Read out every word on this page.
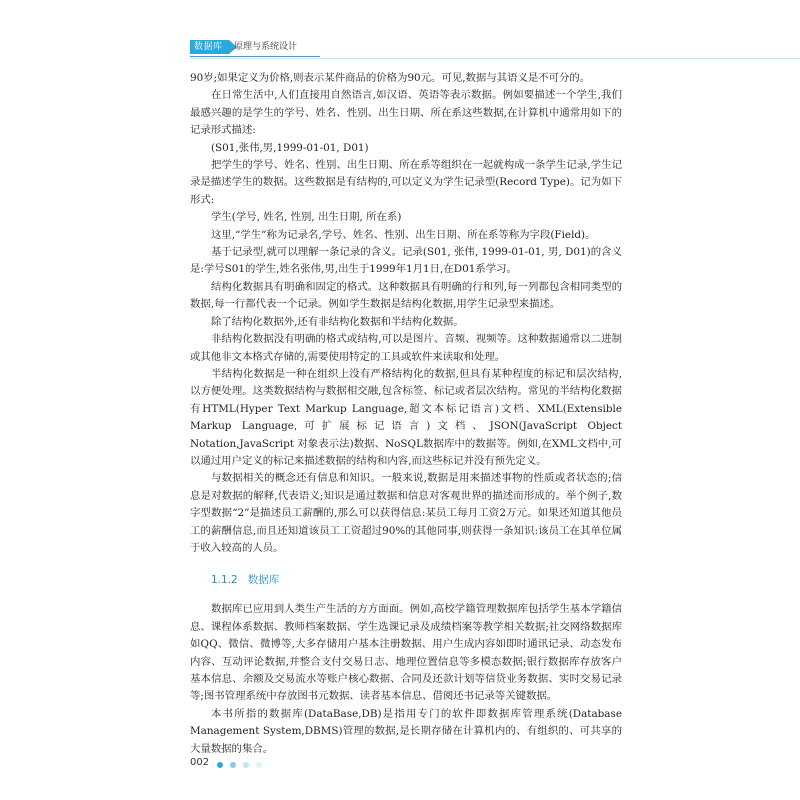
数据库	原理与系统设计

90岁;如果定义为价格,则表示某件商品的价格为90元。可见,数据与其语义是不可分的。

在日常生活中,人们直接用自然语言,如汉语、英语等表示数据。例如要描述一个学生,我们最感兴趣的是学生的学号、姓名、性别、出生日期、所在系这些数据,在计算机中通常用如下的记录形式描述:

(S01,张伟,男,1999-01-01, D01)

把学生的学号、姓名、性别、出生日期、所在系等组织在一起就构成一条学生记录,学生记录是描述学生的数据。这些数据是有结构的,可以定义为学生记录型(Record Type)。记为如下形式:

学生(学号, 姓名, 性别, 出生日期, 所在系)

这里,“学生”称为记录名,学号、姓名、性别、出生日期、所在系等称为字段(Field)。

基于记录型,就可以理解一条记录的含义。记录(S01, 张伟, 1999-01-01, 男, D01)的含义是:学号S01的学生,姓名张伟,男,出生于1999年1月1日,在D01系学习。

结构化数据具有明确和固定的格式。这种数据具有明确的行和列,每一列都包含相同类型的数据,每一行都代表一个记录。例如学生数据是结构化数据,用学生记录型来描述。

除了结构化数据外,还有非结构化数据和半结构化数据。

非结构化数据没有明确的格式或结构,可以是图片、音频、视频等。这种数据通常以二进制或其他非文本格式存储的,需要使用特定的工具或软件来读取和处理。

半结构化数据是一种在组织上没有严格结构化的数据,但具有某种程度的标记和层次结构,以方便处理。这类数据结构与数据相交融,包含标签、标记或者层次结构。常见的半结构化数据有HTML(Hyper Text Markup Language,超文本标记语言)文档、XML(Extensible Markup Language,可扩展标记语言)文档、JSON(JavaScript Object Notation,JavaScript 对象表示法)数据、NoSQL数据库中的数据等。例如,在XML文档中,可以通过用户定义的标记来描述数据的结构和内容,而这些标记并没有预先定义。

与数据相关的概念还有信息和知识。一般来说,数据是用来描述事物的性质或者状态的;信息是对数据的解释,代表语义;知识是通过数据和信息对客观世界的描述而形成的。举个例子,数字型数据“2”是描述员工薪酬的,那么可以获得信息:某员工每月工资2万元。如果还知道其他员工的薪酬信息,而且还知道该员工工资超过90%的其他同事,则获得一条知识:该员工在其单位属于收入较高的人员。

1.1.2 数据库

数据库已应用到人类生产生活的方方面面。例如,高校学籍管理数据库包括学生基本学籍信息、课程体系数据、教师档案数据、学生选课记录及成绩档案等教学相关数据;社交网络数据库如QQ、微信、微博等,大多存储用户基本注册数据、用户生成内容如即时通讯记录、动态发布内容、互动评论数据,并整合支付交易日志、地理位置信息等多模态数据;银行数据库存放客户基本信息、余额及交易流水等账户核心数据、合同及还款计划等信贷业务数据、实时交易记录等;图书管理系统中存放图书元数据、读者基本信息、借阅还书记录等关键数据。

本书所指的数据库(DataBase,DB)是指用专门的软件即数据库管理系统(Database Management System,DBMS)管理的数据,是长期存储在计算机内的、有组织的、可共享的大量数据的集合。

002
